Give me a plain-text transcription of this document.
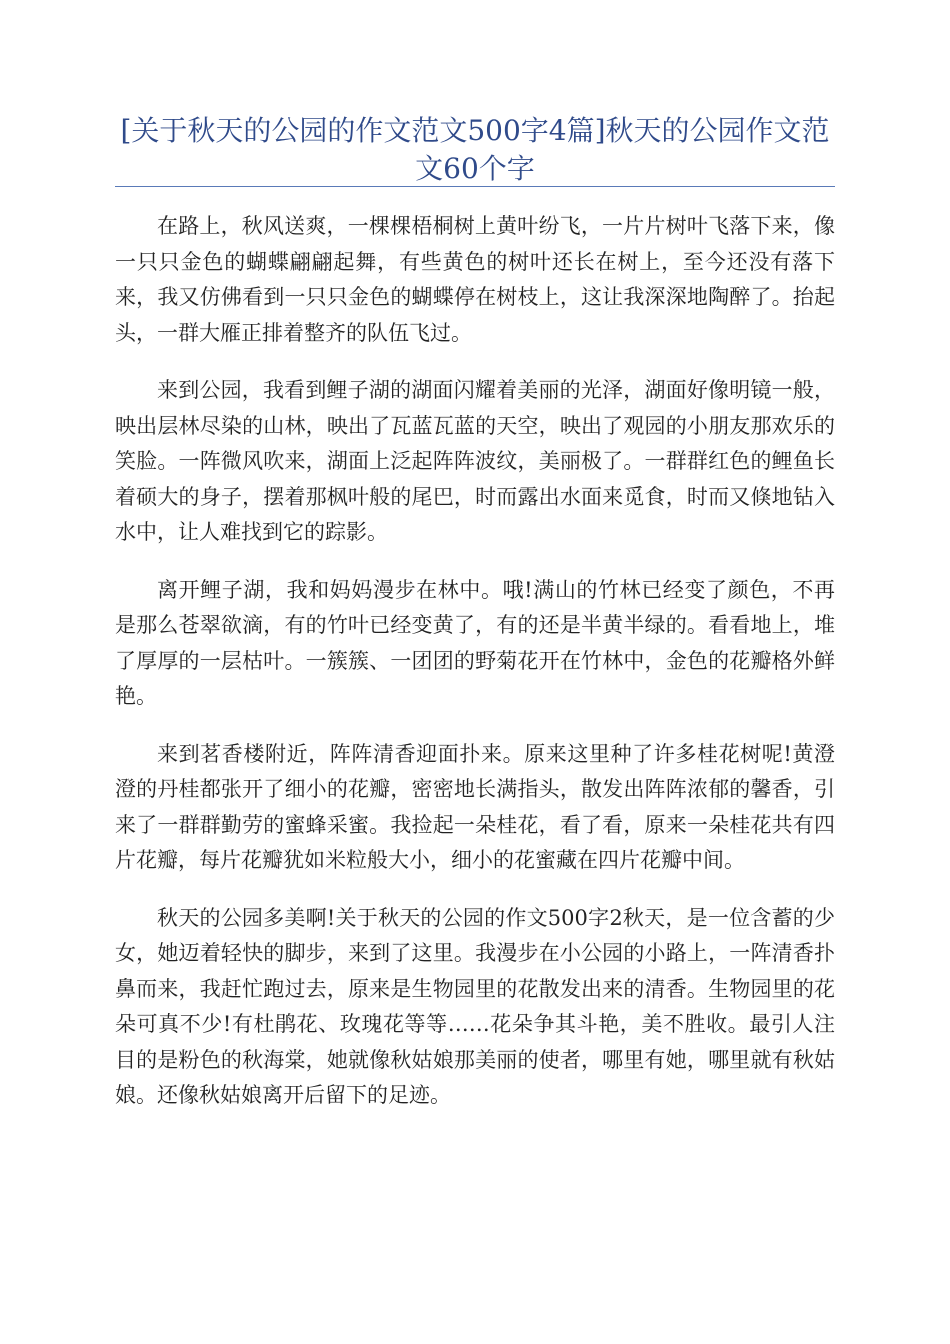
[关于秋天的公园的作文范文500字4篇]秋天的公园作文范文60个字

在路上，秋风送爽，一棵棵梧桐树上黄叶纷飞，一片片树叶飞落下来，像一只只金色的蝴蝶翩翩起舞，有些黄色的树叶还长在树上，至今还没有落下来，我又仿佛看到一只只金色的蝴蝶停在树枝上，这让我深深地陶醉了。抬起头，一群大雁正排着整齐的队伍飞过。

来到公园，我看到鲤子湖的湖面闪耀着美丽的光泽，湖面好像明镜一般，映出层林尽染的山林，映出了瓦蓝瓦蓝的天空，映出了观园的小朋友那欢乐的笑脸。一阵微风吹来，湖面上泛起阵阵波纹，美丽极了。一群群红色的鲤鱼长着硕大的身子，摆着那枫叶般的尾巴，时而露出水面来觅食，时而又倏地钻入水中，让人难找到它的踪影。

离开鲤子湖，我和妈妈漫步在林中。哦!满山的竹林已经变了颜色，不再是那么苍翠欲滴，有的竹叶已经变黄了，有的还是半黄半绿的。看看地上，堆了厚厚的一层枯叶。一簇簇、一团团的野菊花开在竹林中，金色的花瓣格外鲜艳。

来到茗香楼附近，阵阵清香迎面扑来。原来这里种了许多桂花树呢!黄澄澄的丹桂都张开了细小的花瓣，密密地长满指头，散发出阵阵浓郁的馨香，引来了一群群勤劳的蜜蜂采蜜。我捡起一朵桂花，看了看，原来一朵桂花共有四片花瓣，每片花瓣犹如米粒般大小，细小的花蜜藏在四片花瓣中间。

秋天的公园多美啊!关于秋天的公园的作文500字2秋天，是一位含蓄的少女，她迈着轻快的脚步，来到了这里。我漫步在小公园的小路上，一阵清香扑鼻而来，我赶忙跑过去，原来是生物园里的花散发出来的清香。生物园里的花朵可真不少!有杜鹃花、玫瑰花等等……花朵争其斗艳，美不胜收。最引人注目的是粉色的秋海棠，她就像秋姑娘那美丽的使者，哪里有她，哪里就有秋姑娘。还像秋姑娘离开后留下的足迹。
